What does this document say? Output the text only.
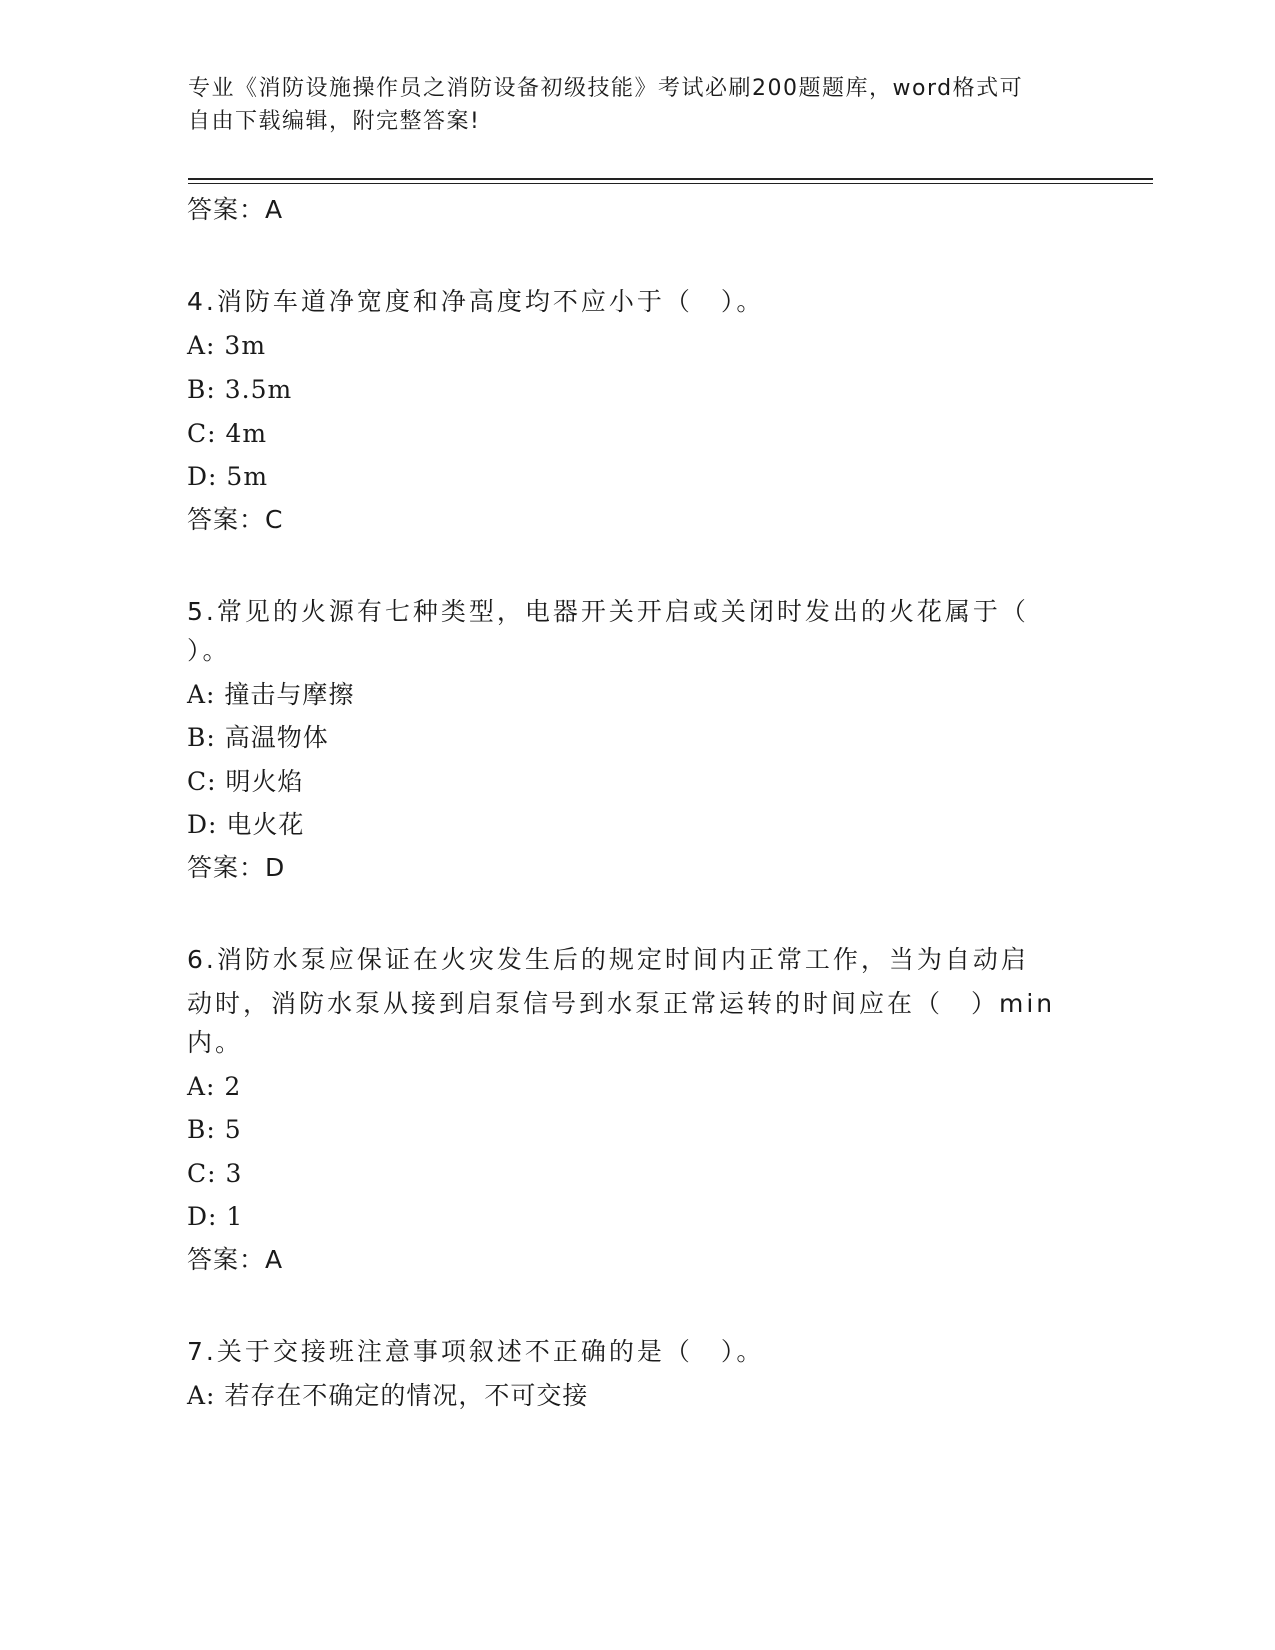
专业《消防设施操作员之消防设备初级技能》考试必刷200题题库，word格式可
自由下载编辑，附完整答案!
答案：A
4.消防车道净宽度和净高度均不应小于（　）。
A: 3m
B: 3.5m
C: 4m
D: 5m
答案：C
5.常见的火源有七种类型，电器开关开启或关闭时发出的火花属于（
）。
A: 撞击与摩擦
B: 高温物体
C: 明火焰
D: 电火花
答案：D
6.消防水泵应保证在火灾发生后的规定时间内正常工作，当为自动启
动时，消防水泵从接到启泵信号到水泵正常运转的时间应在（　）min
内。
A: 2
B: 5
C: 3
D: 1
答案：A
7.关于交接班注意事项叙述不正确的是（　）。
A: 若存在不确定的情况，不可交接
